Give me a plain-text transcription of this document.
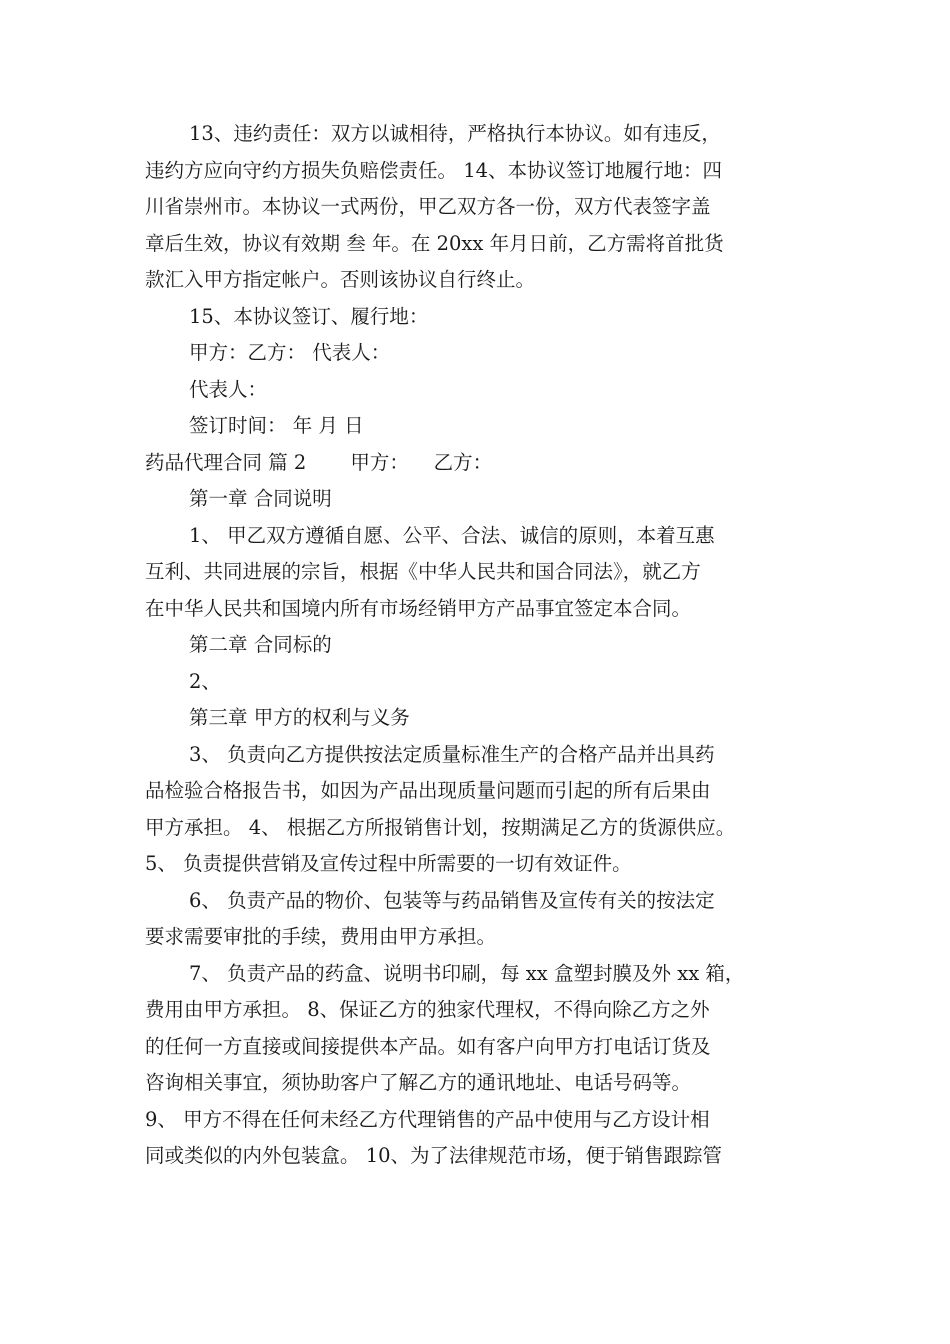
13、违约责任：双方以诚相待，严格执行本协议。如有违反，
违约方应向守约方损失负赔偿责任。 14、本协议签订地履行地：四
川省崇州市。本协议一式两份，甲乙双方各一份，双方代表签字盖
章后生效，协议有效期 叁 年。在 20xx 年月日前，乙方需将首批货
款汇入甲方指定帐户。否则该协议自行终止。
15、本协议签订、履行地：
甲方：乙方： 代表人：
代表人：
签订时间： 年 月 日
药品代理合同 篇 2 甲方： 乙方：
第一章 合同说明
1、 甲乙双方遵循自愿、公平、合法、诚信的原则，本着互惠
互利、共同进展的宗旨，根据《中华人民共和国合同法》，就乙方
在中华人民共和国境内所有市场经销甲方产品事宜签定本合同。
第二章 合同标的
2、
第三章 甲方的权利与义务
3、 负责向乙方提供按法定质量标准生产的合格产品并出具药
品检验合格报告书，如因为产品出现质量问题而引起的所有后果由
甲方承担。 4、 根据乙方所报销售计划，按期满足乙方的货源供应。
5、 负责提供营销及宣传过程中所需要的一切有效证件。
6、 负责产品的物价、包装等与药品销售及宣传有关的按法定
要求需要审批的手续，费用由甲方承担。
7、 负责产品的药盒、说明书印刷，每 xx 盒塑封膜及外 xx 箱，
费用由甲方承担。 8、保证乙方的独家代理权，不得向除乙方之外
的任何一方直接或间接提供本产品。如有客户向甲方打电话订货及
咨询相关事宜，须协助客户了解乙方的通讯地址、电话号码等。
9、 甲方不得在任何未经乙方代理销售的产品中使用与乙方设计相
同或类似的内外包装盒。 10、为了法律规范市场，便于销售跟踪管
